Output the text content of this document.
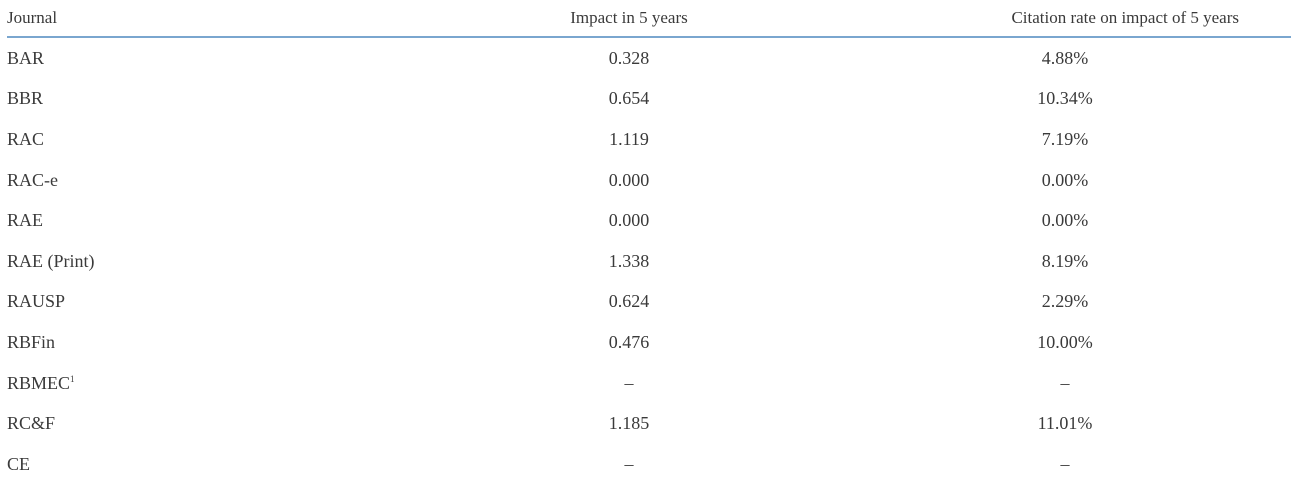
Journal	Impact in 5 years	Citation rate on impact of 5 years
BAR	0.328	4.88%
BBR	0.654	10.34%
RAC	1.119	7.19%
RAC-e	0.000	0.00%
RAE	0.000	0.00%
RAE (Print)	1.338	8.19%
RAUSP	0.624	2.29%
RBFin	0.476	10.00%
RBMEC$^1$	–	–
RC&F	1.185	11.01%
CE	–	–
